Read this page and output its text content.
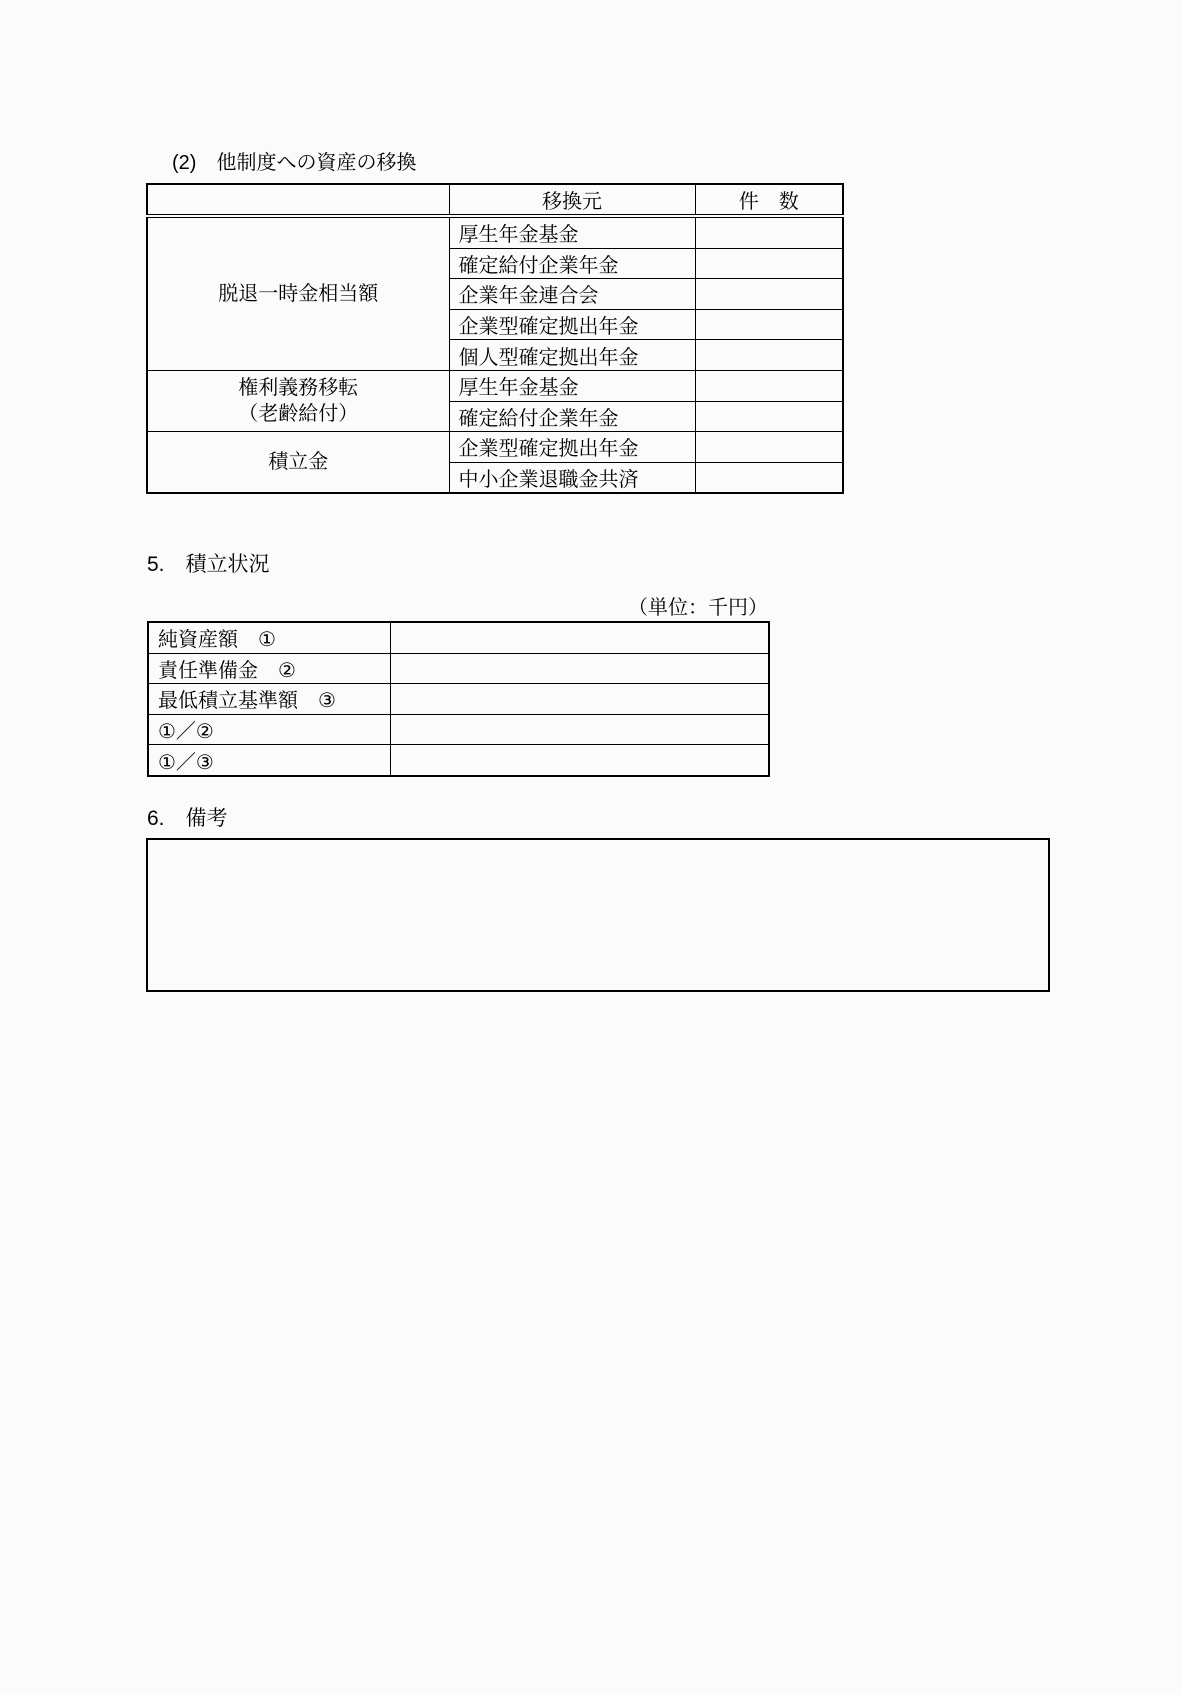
(2)　他制度への資産の移換
	移換元	件　数

脱退一時金相当額	厚生年金基金	
	確定給付企業年金	
	企業年金連合会	
	企業型確定拠出年金	
	個人型確定拠出年金	

権利義務移転
（老齢給付）	厚生年金基金	
	確定給付企業年金	

積立金	企業型確定拠出年金	
	中小企業退職金共済	
5.　積立状況
（単位：千円）
純資産額　①	
責任準備金　②	
最低積立基準額　③	
①／②	
①／③	
6.　備考
